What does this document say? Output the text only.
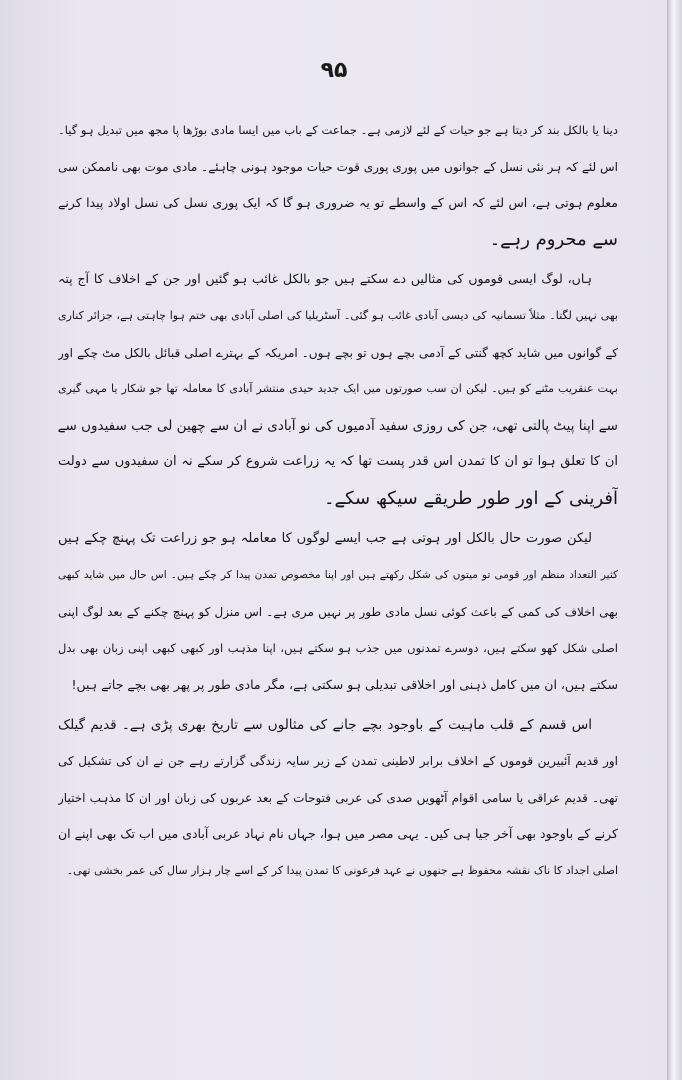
۹۵
دینا یا بالکل بند کر دیتا ہے جو حیات کے لئے لازمی ہے۔ جماعت کے باب میں ایسا مادی بوڑھا پا مجھ میں تبدیل ہو گیا۔
اس لئے کہ ہر نئی نسل کے جوانوں میں پوری پوری قوت حیات موجود ہونی چاہئے۔ مادی موت بھی ناممکن سی
معلوم ہوتی ہے، اس لئے کہ اس کے واسطے تو یہ ضروری ہو گا کہ ایک پوری نسل کی نسل اولاد پیدا کرنے
سے محروم رہے۔
ہاں، لوگ ایسی قوموں کی مثالیں دے سکتے ہیں جو بالکل غائب ہو گئیں اور جن کے اخلاف کا آج پتہ
بھی نہیں لگتا۔ مثلاً تسمانیہ کی دیسی آبادی غائب ہو گئی۔ آسٹریلیا کی اصلی آبادی بھی ختم ہوا چاہتی ہے، جزائر کناری
کے گوانوں میں شاید کچھ گنتی کے آدمی بچے ہوں تو بچے ہوں۔ امریکہ کے بہترے اصلی قبائل بالکل مٹ چکے اور
بہت عنقریب مٹنے کو ہیں۔ لیکن ان سب صورتوں میں ایک جدید حیدی منتشر آبادی کا معاملہ تھا جو شکار یا مہی گیری
سے اپنا پیٹ پالتی تھی، جن کی روزی سفید آدمیوں کی نو آبادی نے ان سے چھین لی جب سفیدوں سے
ان کا تعلق ہوا تو ان کا تمدن اس قدر پست تھا کہ یہ زراعت شروع کر سکے نہ ان سفیدوں سے دولت
آفرینی کے اور طور طریقے سیکھ سکے۔
لیکن صورت حال بالکل اور ہوتی ہے جب ایسے لوگوں کا معاملہ ہو جو زراعت تک پہنچ چکے ہیں
کثیر التعداد منظم اور قومی تو میتوں کی شکل رکھتے ہیں اور اپنا مخصوص تمدن پیدا کر چکے ہیں۔ اس حال میں شاید کبھی
بھی اخلاف کی کمی کے باعث کوئی نسل مادی طور پر نہیں مری ہے۔ اس منزل کو پہنچ چکنے کے بعد لوگ اپنی
اصلی شکل کھو سکتے ہیں، دوسرے تمدنوں میں جذب ہو سکتے ہیں، اپنا مذہب اور کبھی کبھی اپنی زبان بھی بدل
سکتے ہیں، ان میں کامل ذہنی اور اخلاقی تبدیلی ہو سکتی ہے، مگر مادی طور پر پھر بھی بچے جاتے ہیں!
اس قسم کے قلب ماہیت کے باوجود بچے جانے کی مثالوں سے تاریخ بھری پڑی ہے۔ قدیم گیلک
اور قدیم آئبیرین قوموں کے اخلاف برابر لاطینی تمدن کے زیر سایہ زندگی گزارتے رہے جن نے ان کی تشکیل کی
تھی۔ قدیم عراقی یا سامی اقوام آٹھویں صدی کی عربی فتوحات کے بعد عربوں کی زبان اور ان کا مذہب اختیار
کرنے کے باوجود بھی آخر جیا ہی کیں۔ یہی مصر میں ہوا، جہاں نام نہاد عربی آبادی میں اب تک بھی اپنے ان
اصلی اجداد کا ناک نقشہ محفوظ ہے جنھوں نے عہد فرعونی کا تمدن پیدا کر کے اسے چار ہزار سال کی عمر بخشی تھی۔
